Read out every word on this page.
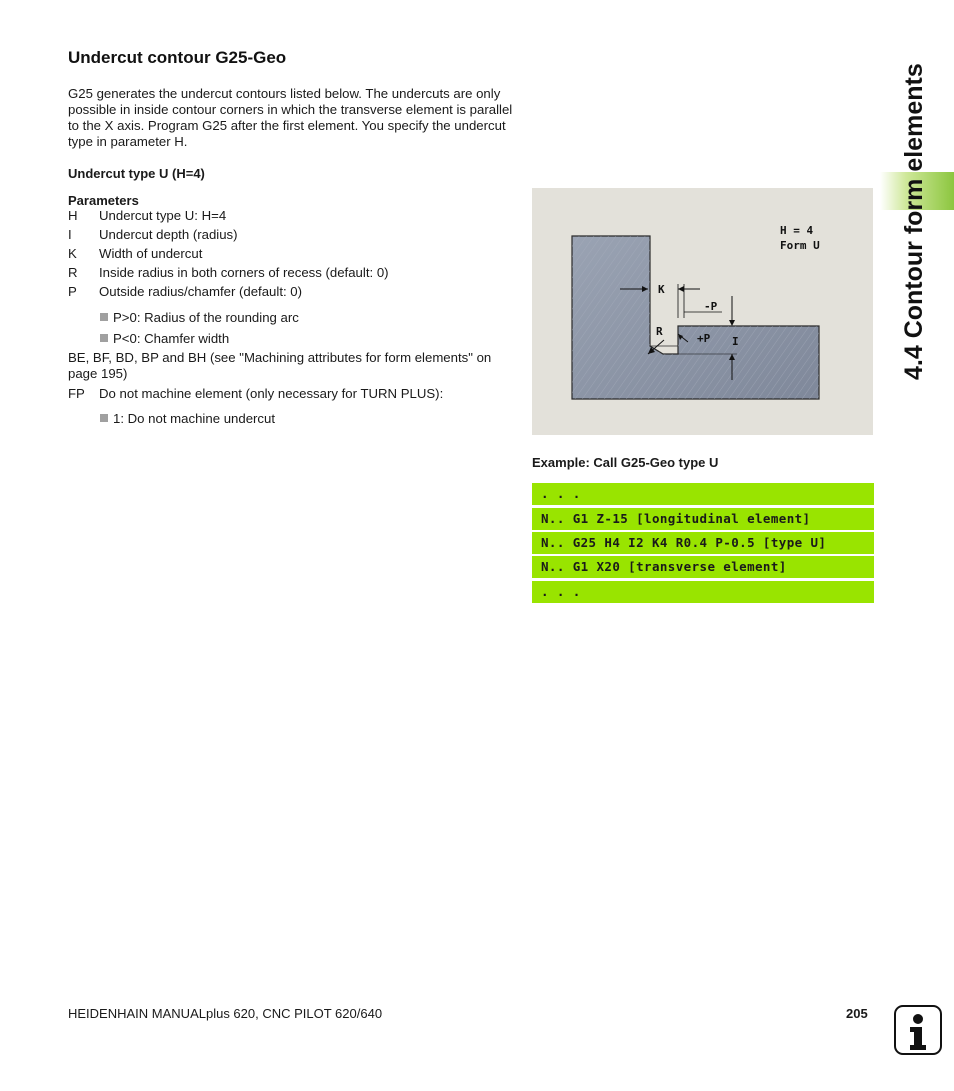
Undercut contour G25-Geo
G25 generates the undercut contours listed below. The undercuts are only possible in inside contour corners in which the transverse element is parallel to the X axis. Program G25 after the first element. You specify the undercut type in parameter H.
Undercut type U (H=4)
Parameters
H Undercut type U: H=4
I Undercut depth (radius)
K Width of undercut
R Inside radius in both corners of recess (default: 0)
P Outside radius/chamfer (default: 0)
P>0: Radius of the rounding arc
P<0: Chamfer width
BE, BF, BD, BP and BH (see "Machining attributes for form elements" on page 195)
FP Do not machine element (only necessary for TURN PLUS):
1: Do not machine undercut
4.4 Contour form elements
H = 4
Form U
K
-P
R
+P I
Example: Call G25-Geo type U
. . .
N.. G1 Z-15 [longitudinal element]
N.. G25 H4 I2 K4 R0.4 P-0.5 [type U]
N.. G1 X20 [transverse element]
. . .
HEIDENHAIN MANUALplus 620, CNC PILOT 620/640	205
